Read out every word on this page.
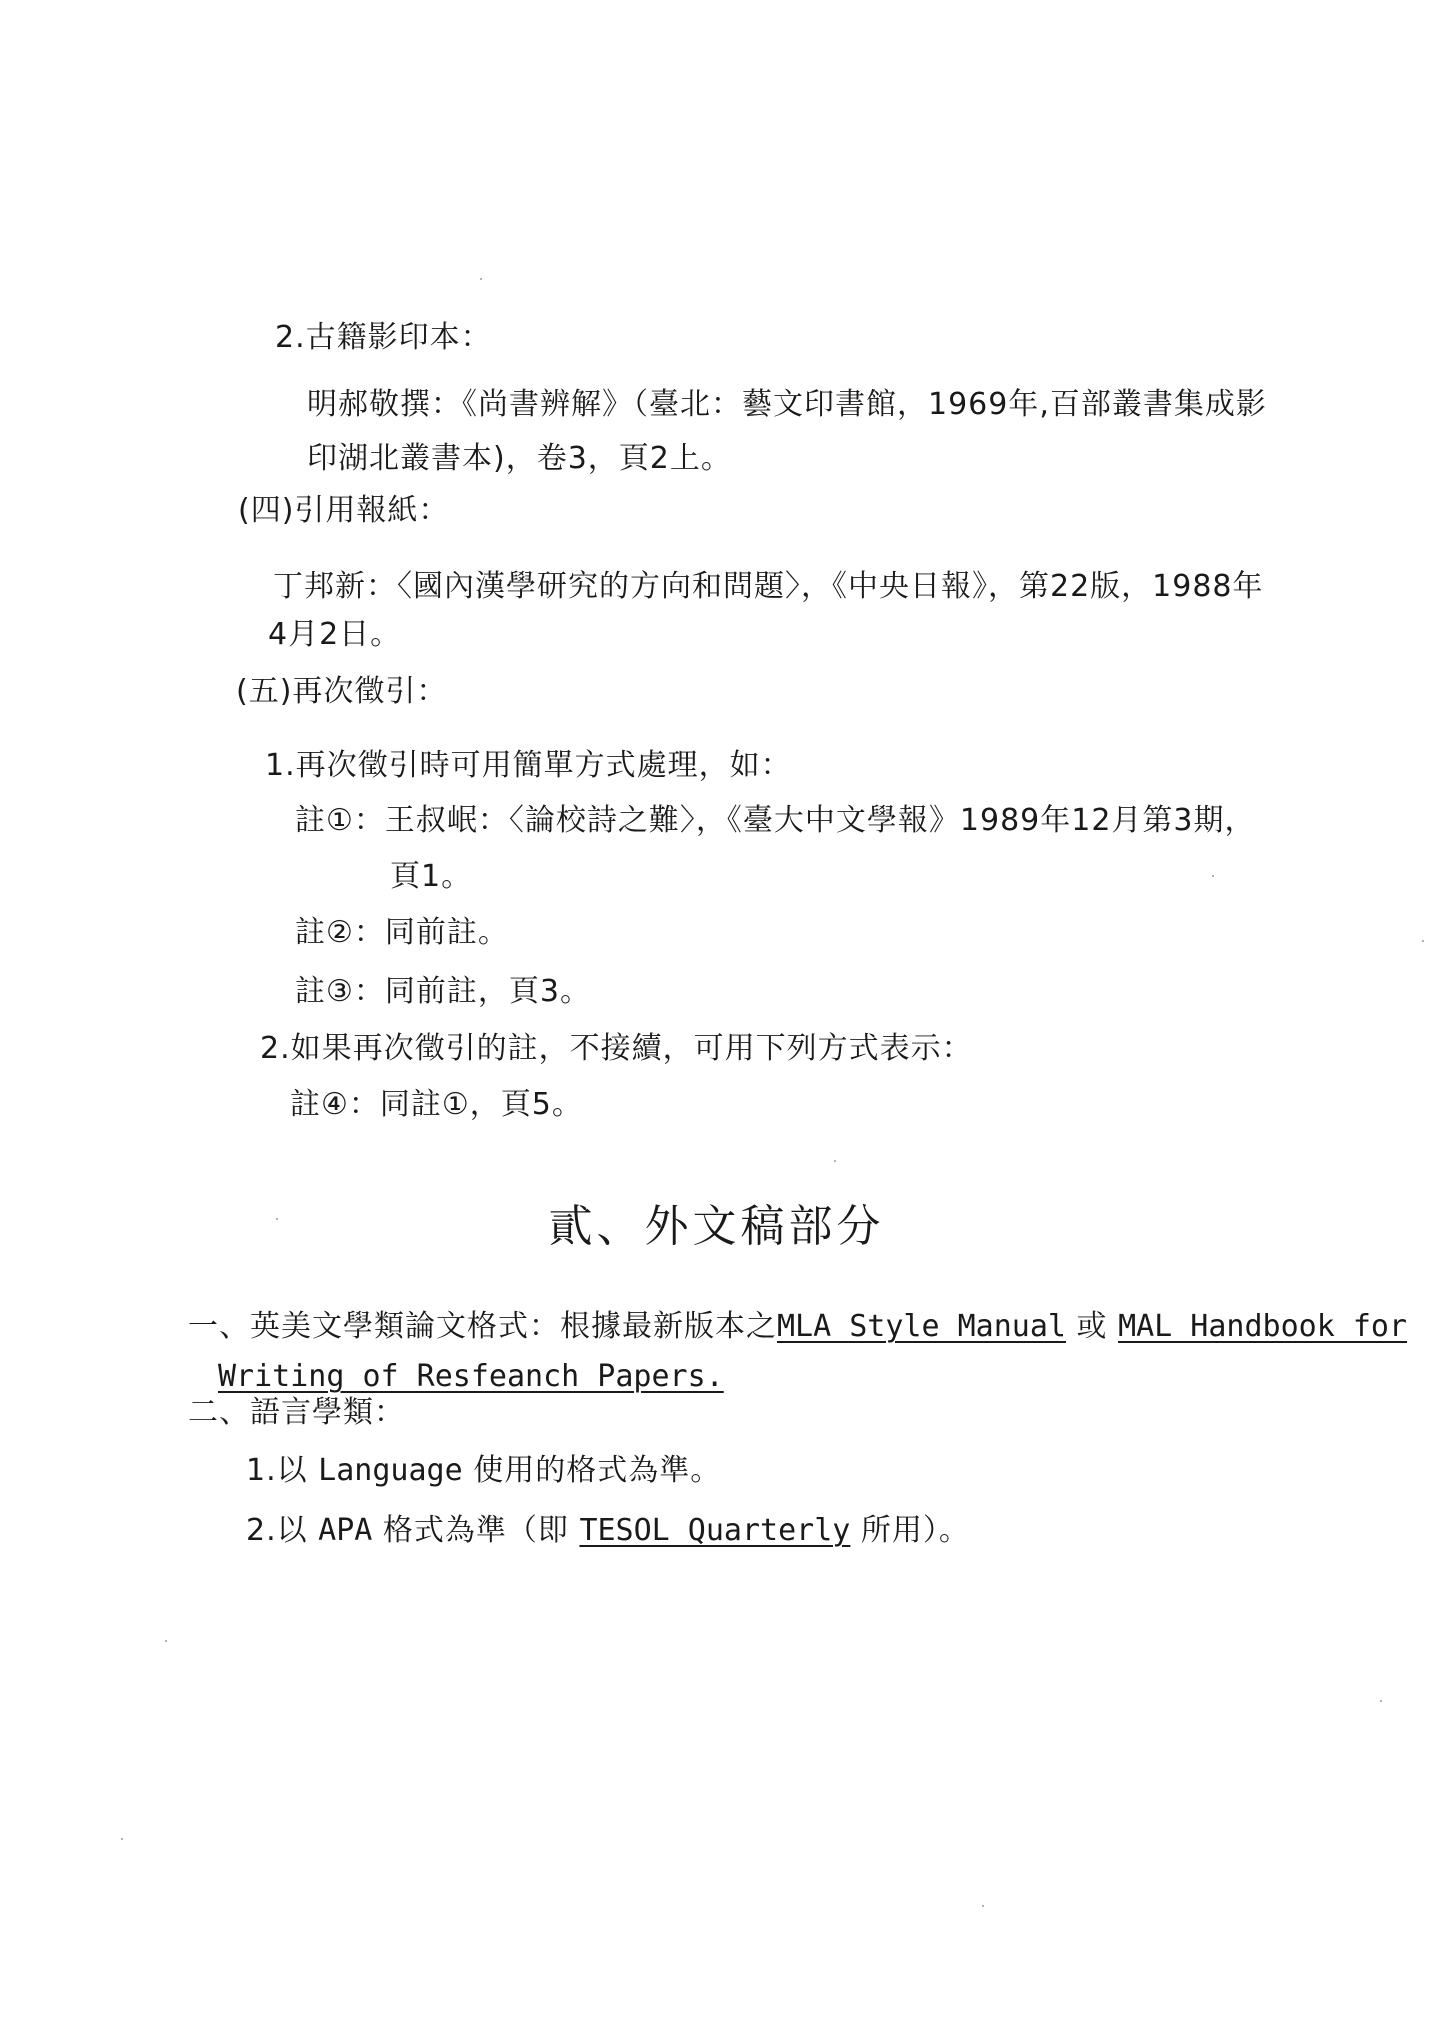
2.古籍影印本：
明郝敬撰：《尚書辨解》（臺北：藝文印書館，1969年,百部叢書集成影
印湖北叢書本)，卷3，頁2上。
(四)引用報紙：
丁邦新：〈國內漢學研究的方向和問題〉，《中央日報》，第22版，1988年
4月2日。
(五)再次徵引：
1.再次徵引時可用簡單方式處理，如：
註①：王叔岷：〈論校詩之難〉，《臺大中文學報》1989年12月第3期，
頁1。
註②：同前註。
註③：同前註，頁3。
2.如果再次徵引的註，不接續，可用下列方式表示：
註④：同註①，頁5。
貳、外文稿部分
一、英美文學類論文格式：根據最新版本之MLA Style Manual 或 MAL Handbook for
Writing of Resfeanch Papers.
二、語言學類：
1.以 Language 使用的格式為準。
2.以 APA 格式為準（即 TESOL Quarterly 所用）。
